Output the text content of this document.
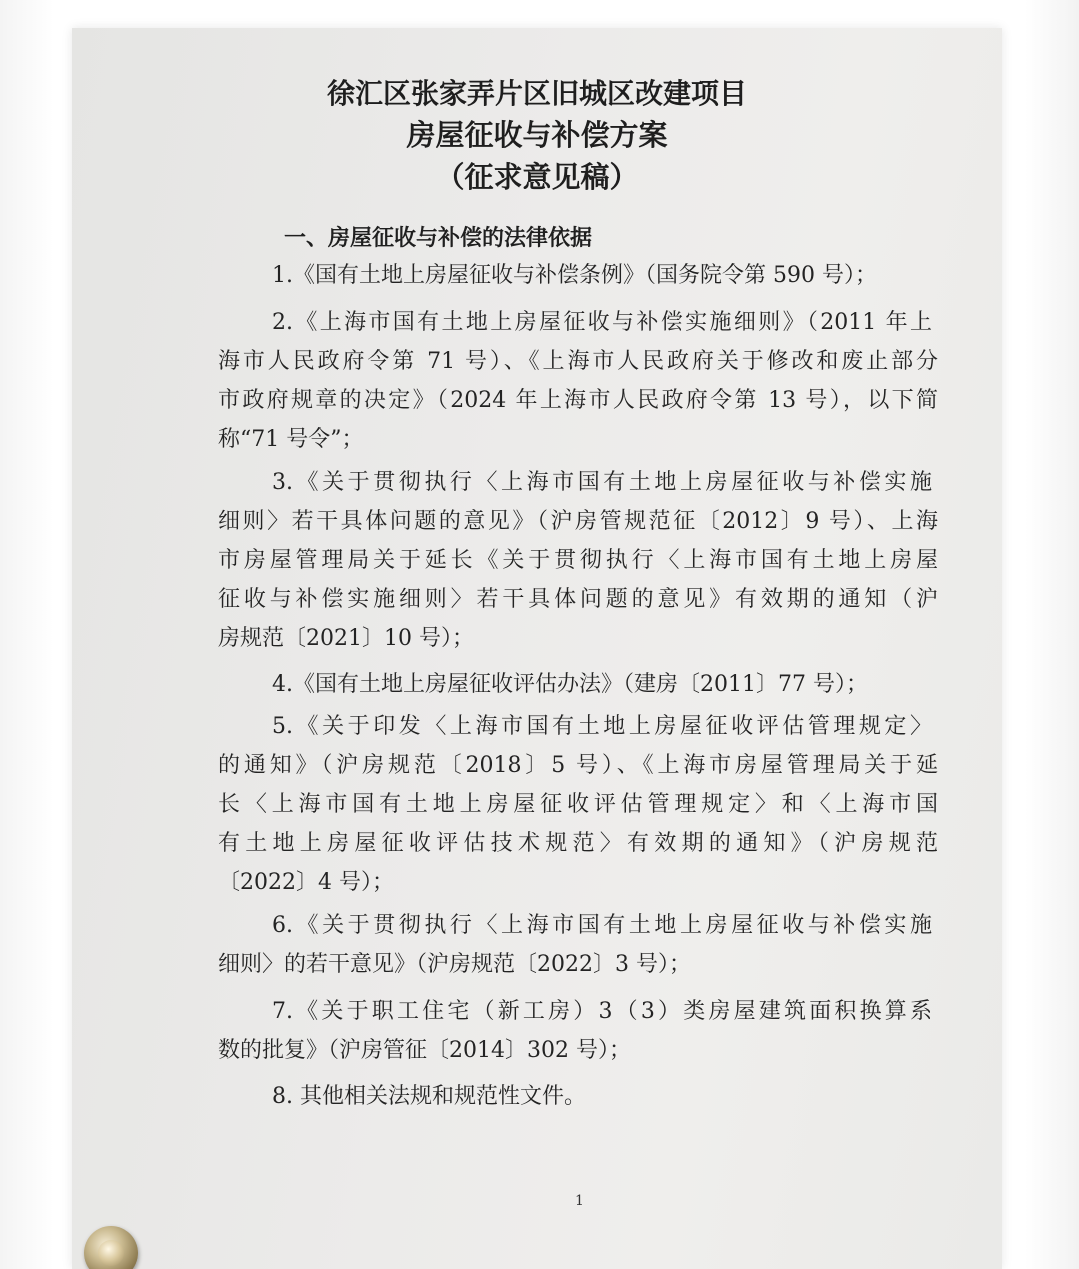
徐汇区张家弄片区旧城区改建项目
房屋征收与补偿方案
（征求意见稿）
一、房屋征收与补偿的法律依据
1.《国有土地上房屋征收与补偿条例》（国务院令第 590 号）；
2.《上海市国有土地上房屋征收与补偿实施细则》（2011 年上
海市人民政府令第 71 号）、《上海市人民政府关于修改和废止部分
市政府规章的决定》（2024 年上海市人民政府令第 13 号），以下简
称“71 号令”；
3.《关于贯彻执行〈上海市国有土地上房屋征收与补偿实施
细则〉若干具体问题的意见》（沪房管规范征〔2012〕9 号）、上海
市房屋管理局关于延长《关于贯彻执行〈上海市国有土地上房屋
征收与补偿实施细则〉若干具体问题的意见》有效期的通知（沪
房规范〔2021〕10 号）；
4.《国有土地上房屋征收评估办法》（建房〔2011〕77 号）；
5.《关于印发〈上海市国有土地上房屋征收评估管理规定〉
的通知》（沪房规范〔2018〕5 号）、《上海市房屋管理局关于延
长〈上海市国有土地上房屋征收评估管理规定〉和〈上海市国
有土地上房屋征收评估技术规范〉有效期的通知》（沪房规范
〔2022〕4 号）；
6.《关于贯彻执行〈上海市国有土地上房屋征收与补偿实施
细则〉的若干意见》（沪房规范〔2022〕3 号）；
7.《关于职工住宅（新工房）3（3）类房屋建筑面积换算系
数的批复》（沪房管征〔2014〕302 号）；
8. 其他相关法规和规范性文件。
1
